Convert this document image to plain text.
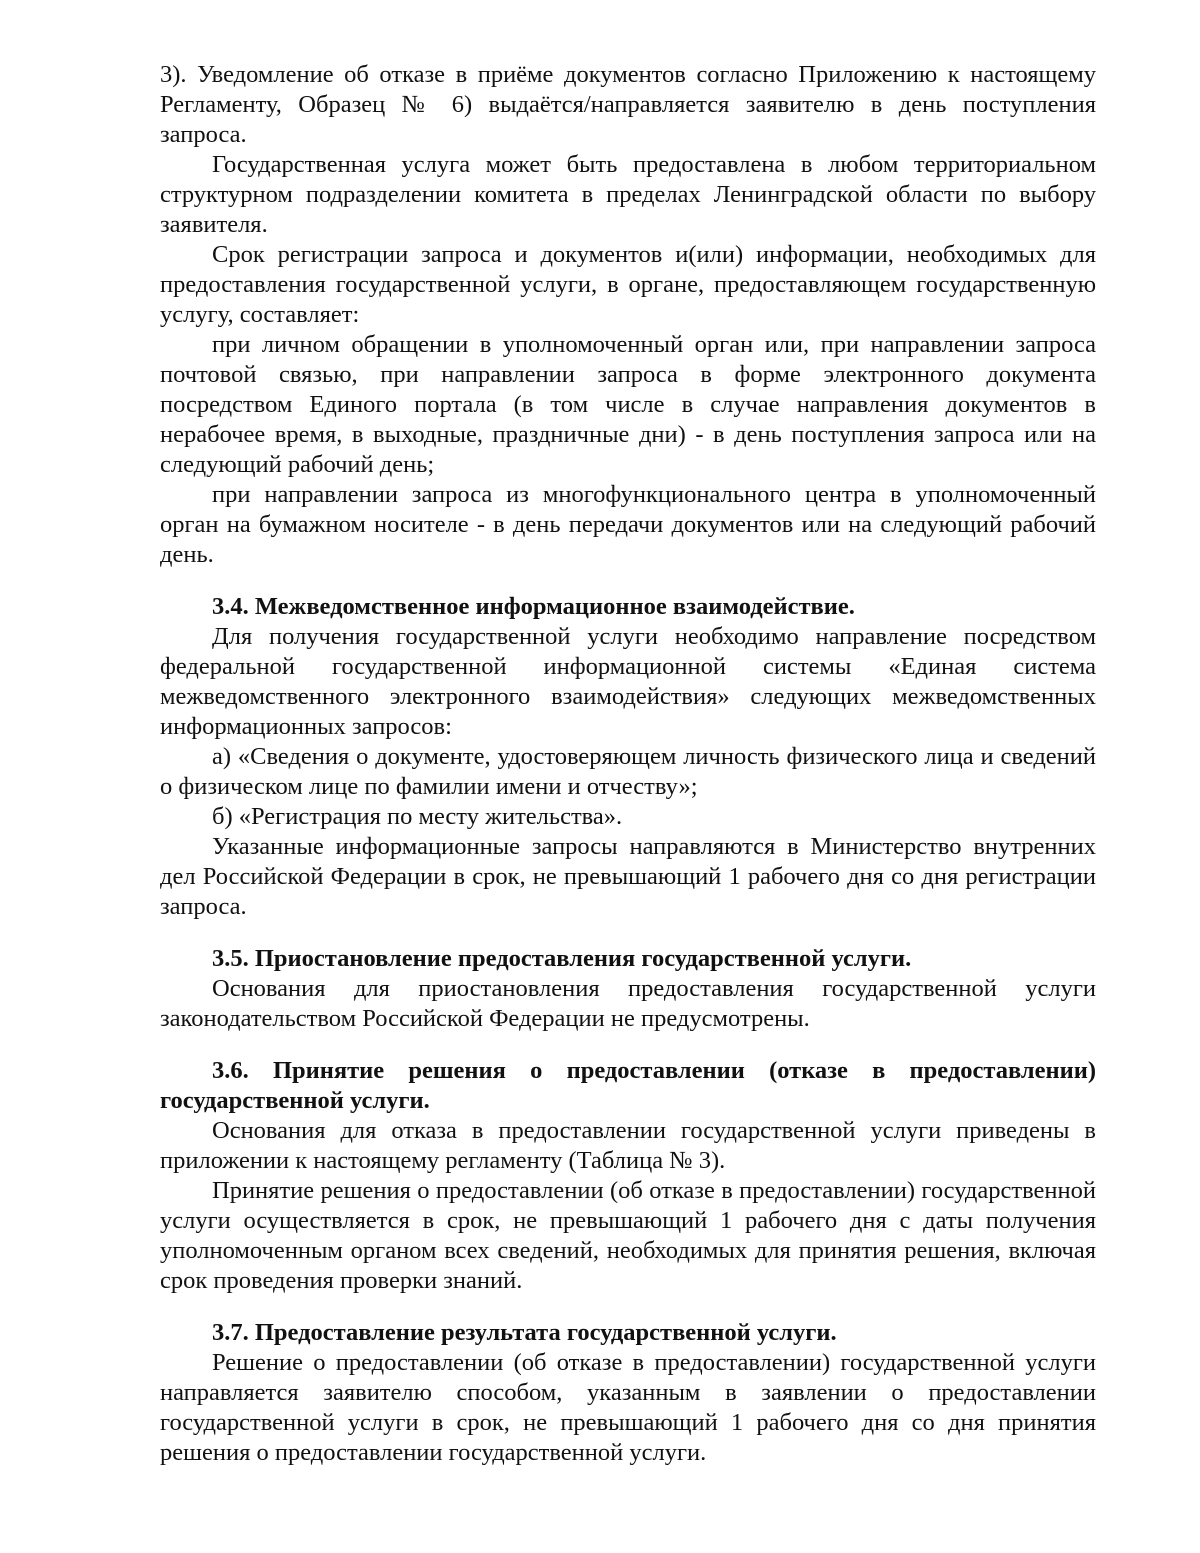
3). Уведомление об отказе в приёме документов согласно Приложению к настоящему Регламенту, Образец № 6) выдаётся/направляется заявителю в день поступления запроса.

Государственная услуга может быть предоставлена в любом территориальном структурном подразделении комитета в пределах Ленинградской области по выбору заявителя.

Срок регистрации запроса и документов и(или) информации, необходимых для предоставления государственной услуги, в органе, предоставляющем государственную услугу, составляет:

при личном обращении в уполномоченный орган или, при направлении запроса почтовой связью, при направлении запроса в форме электронного документа посредством Единого портала (в том числе в случае направления документов в нерабочее время, в выходные, праздничные дни) - в день поступления запроса или на следующий рабочий день;

при направлении запроса из многофункционального центра в уполномоченный орган на бумажном носителе - в день передачи документов или на следующий рабочий день.

3.4. Межведомственное информационное взаимодействие.

Для получения государственной услуги необходимо направление посредством федеральной государственной информационной системы «Единая система межведомственного электронного взаимодействия» следующих межведомственных информационных запросов:

а) «Сведения о документе, удостоверяющем личность физического лица и сведений о физическом лице по фамилии имени и отчеству»;

б) «Регистрация по месту жительства».

Указанные информационные запросы направляются в Министерство внутренних дел Российской Федерации в срок, не превышающий 1 рабочего дня со дня регистрации запроса.

3.5. Приостановление предоставления государственной услуги.

Основания для приостановления предоставления государственной услуги законодательством Российской Федерации не предусмотрены.

3.6. Принятие решения о предоставлении (отказе в предоставлении) государственной услуги.

Основания для отказа в предоставлении государственной услуги приведены в приложении к настоящему регламенту (Таблица № 3).

Принятие решения о предоставлении (об отказе в предоставлении) государственной услуги осуществляется в срок, не превышающий 1 рабочего дня с даты получения уполномоченным органом всех сведений, необходимых для принятия решения, включая срок проведения проверки знаний.

3.7. Предоставление результата государственной услуги.

Решение о предоставлении (об отказе в предоставлении) государственной услуги направляется заявителю способом, указанным в заявлении о предоставлении государственной услуги в срок, не превышающий 1 рабочего дня со дня принятия решения о предоставлении государственной услуги.
